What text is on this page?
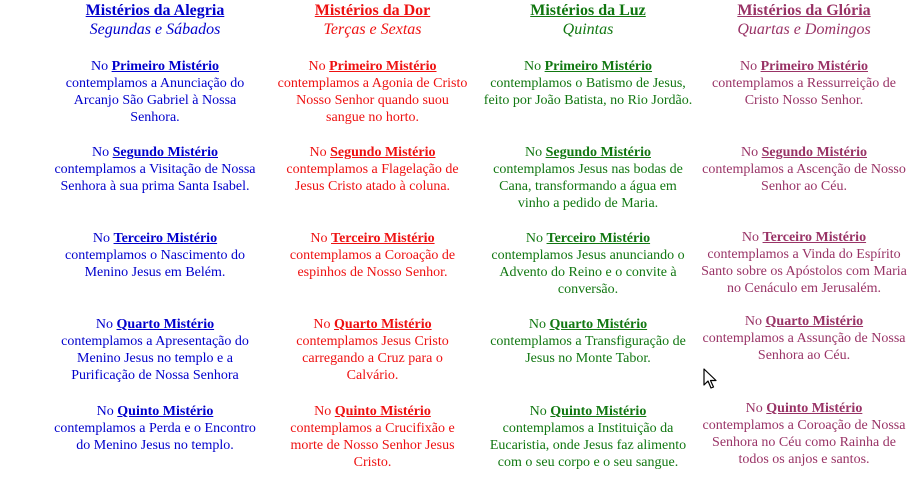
Mistérios da Alegria
Segundas e Sábados
No Primeiro Mistério
contemplamos a Anunciação do Arcanjo São Gabriel à Nossa Senhora.
No Segundo Mistério
contemplamos a Visitação de Nossa Senhora à sua prima Santa Isabel.
No Terceiro Mistério
contemplamos o Nascimento do Menino Jesus em Belém.
No Quarto Mistério
contemplamos a Apresentação do Menino Jesus no templo e a Purificação de Nossa Senhora
No Quinto Mistério
contemplamos a Perda e o Encontro do Menino Jesus no templo.
Mistérios da Dor
Terças e Sextas
No Primeiro Mistério
contemplamos a Agonia de Cristo Nosso Senhor quando suou sangue no horto.
No Segundo Mistério
contemplamos a Flagelação de Jesus Cristo atado à coluna.
No Terceiro Mistério
contemplamos a Coroação de espinhos de Nosso Senhor.
No Quarto Mistério
contemplamos Jesus Cristo carregando a Cruz para o Calvário.
No Quinto Mistério
contemplamos a Crucifixão e morte de Nosso Senhor Jesus Cristo.
Mistérios da Luz
Quintas
No Primeiro Mistério
contemplamos o Batismo de Jesus, feito por João Batista, no Rio Jordão.
No Segundo Mistério
contemplamos Jesus nas bodas de Cana, transformando a água em vinho a pedido de Maria.
No Terceiro Mistério
contemplamos Jesus anunciando o Advento do Reino e o convite à conversão.
No Quarto Mistério
contemplamos a Transfiguração de Jesus no Monte Tabor.
No Quinto Mistério
contemplamos a Instituição da Eucaristia, onde Jesus faz alimento com o seu corpo e o seu sangue.
Mistérios da Glória
Quartas e Domingos
No Primeiro Mistério
contemplamos a Ressurreição de Cristo Nosso Senhor.
No Segundo Mistério
contemplamos a Ascenção de Nosso Senhor ao Céu.
No Terceiro Mistério
contemplamos a Vinda do Espírito Santo sobre os Apóstolos com Maria no Cenáculo em Jerusalém.
No Quarto Mistério
contemplamos a Assunção de Nossa Senhora ao Céu.
No Quinto Mistério
contemplamos a Coroação de Nossa Senhora no Céu como Rainha de todos os anjos e santos.
